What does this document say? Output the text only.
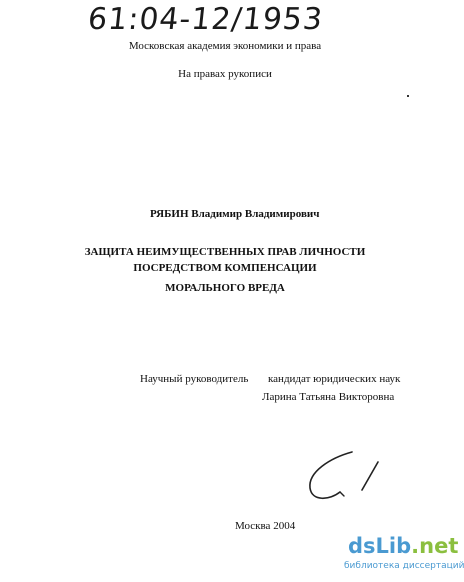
61:04-12/1953
Московская академия экономики и права
На правах рукописи
РЯБИН Владимир Владимирович
ЗАЩИТА НЕИМУЩЕСТВЕННЫХ ПРАВ ЛИЧНОСТИ
ПОСРЕДСТВОМ КОМПЕНСАЦИИ
МОРАЛЬНОГО ВРЕДА
Научный руководитель кандидат юридических наук
Ларина Татьяна Викторовна
Москва 2004
dsLib.net
библиотека диссертаций
